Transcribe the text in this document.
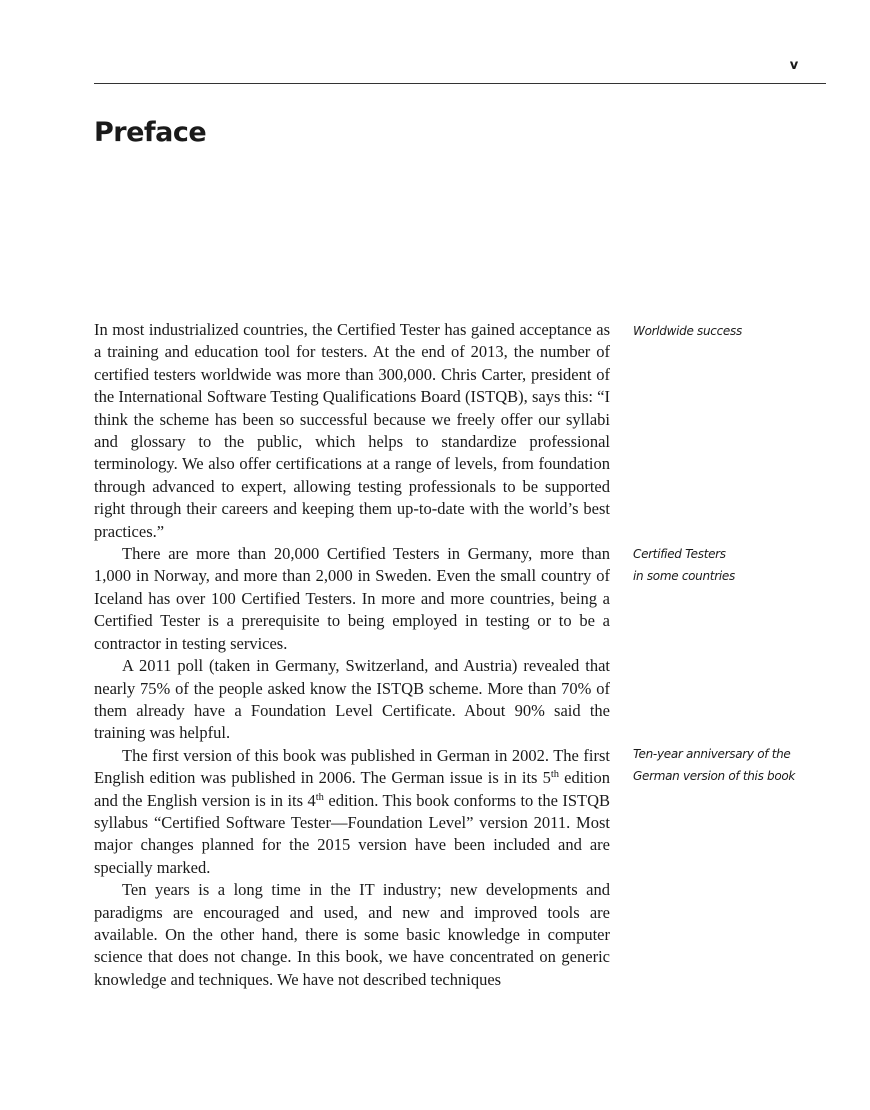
v
Preface

In most industrialized countries, the Certified Tester has gained acceptance as a training and education tool for testers. At the end of 2013, the number of certified testers worldwide was more than 300,000. Chris Carter, president of the International Software Testing Qualifications Board (ISTQB), says this: “I think the scheme has been so successful because we freely offer our syllabi and glossary to the public, which helps to standardize professional terminology. We also offer certifications at a range of levels, from foundation through advanced to expert, allowing testing professionals to be supported right through their careers and keeping them up-to-date with the world’s best practices.”

There are more than 20,000 Certified Testers in Germany, more than 1,000 in Norway, and more than 2,000 in Sweden. Even the small country of Iceland has over 100 Certified Testers. In more and more countries, being a Certified Tester is a prerequisite to being employed in testing or to be a contractor in testing services.

A 2011 poll (taken in Germany, Switzerland, and Austria) revealed that nearly 75% of the people asked know the ISTQB scheme. More than 70% of them already have a Foundation Level Certificate. About 90% said the training was helpful.

The first version of this book was published in German in 2002. The first English edition was published in 2006. The German issue is in its 5th edition and the English version is in its 4th edition. This book conforms to the ISTQB syllabus “Certified Software Tester—Foundation Level” version 2011. Most major changes planned for the 2015 version have been included and are specially marked.

Ten years is a long time in the IT industry; new developments and paradigms are encouraged and used, and new and improved tools are available. On the other hand, there is some basic knowledge in computer science that does not change. In this book, we have concentrated on generic knowledge and techniques. We have not described techniques

Worldwide success
Certified Testers
in some countries
Ten-year anniversary of the
German version of this book
